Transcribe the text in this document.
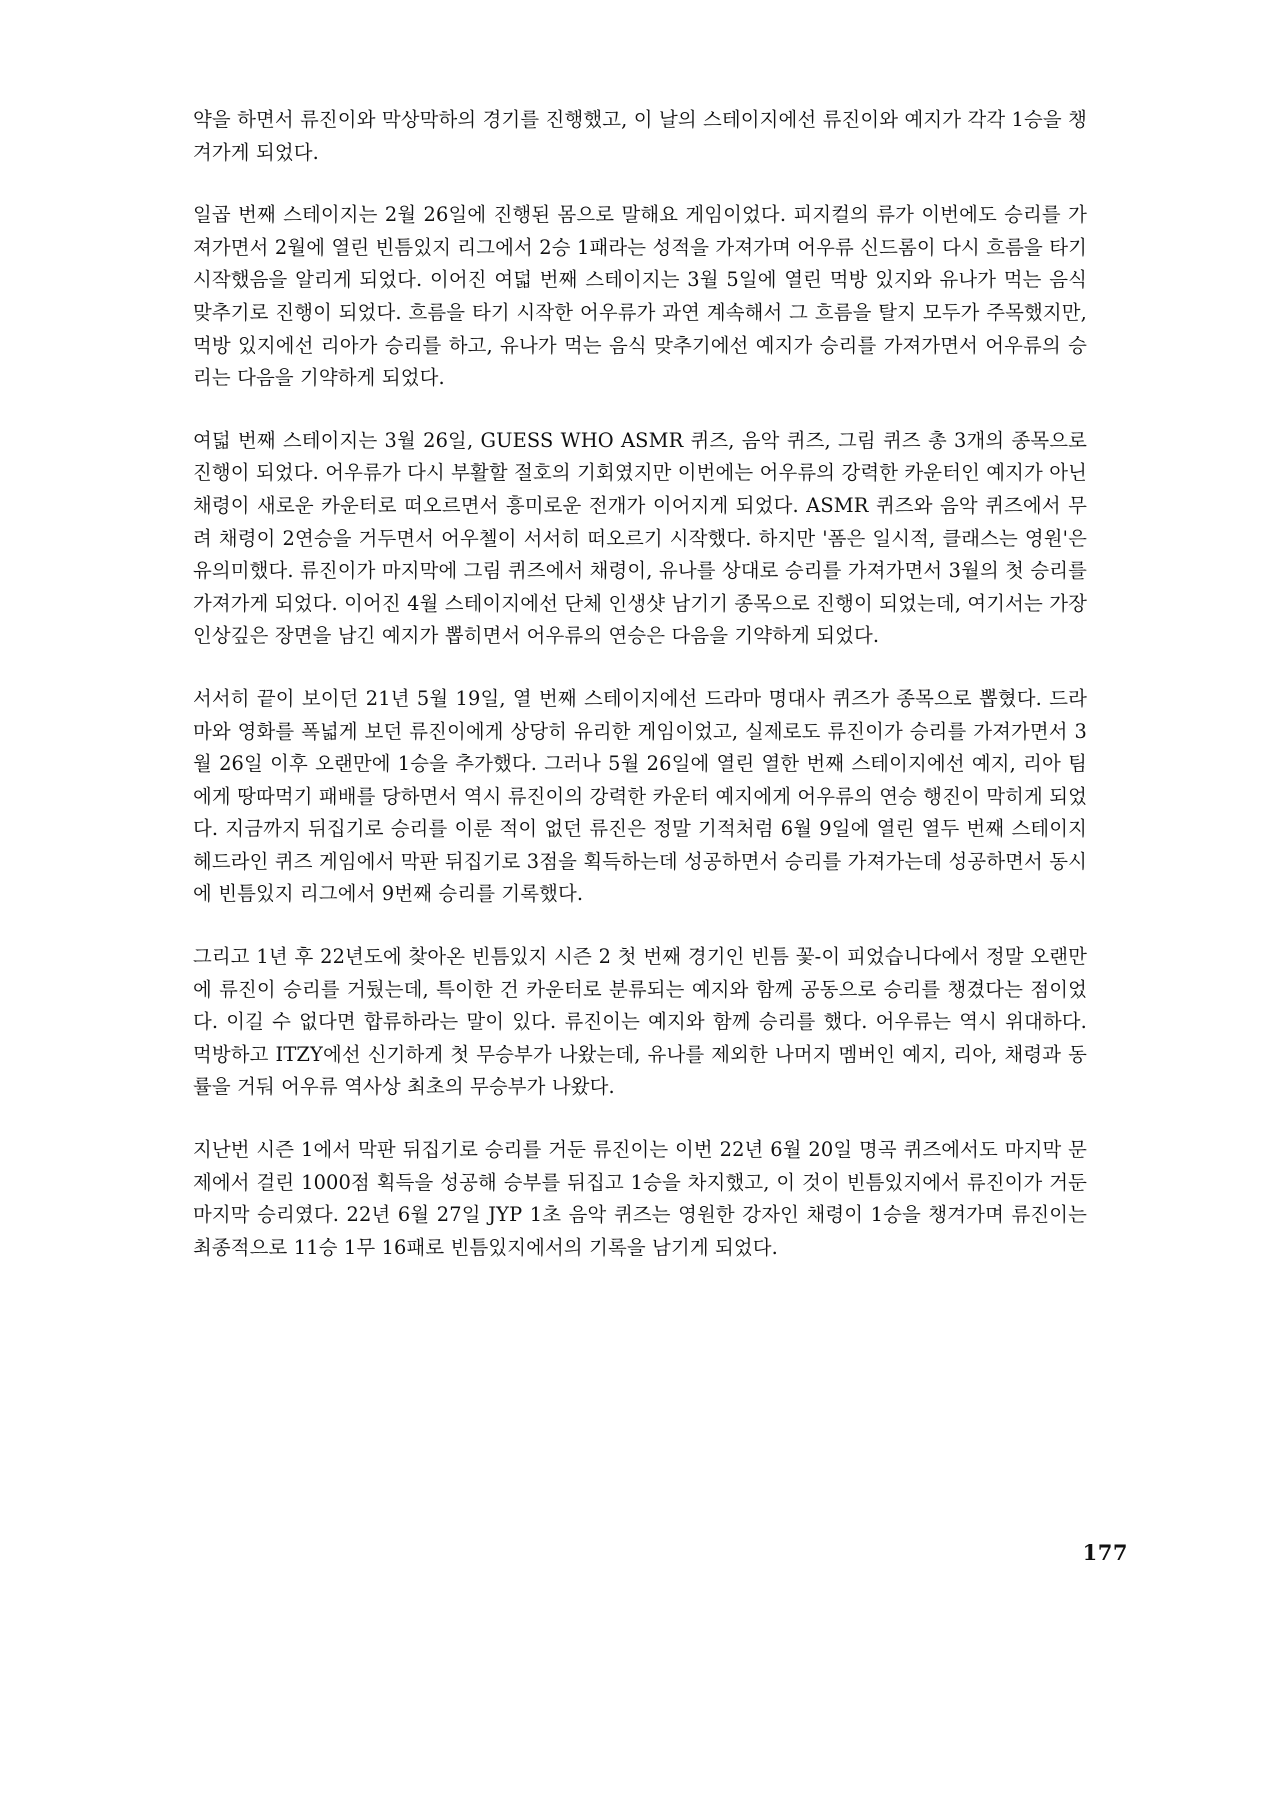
약을 하면서 류진이와 막상막하의 경기를 진행했고, 이 날의 스테이지에선 류진이와 예지가 각각 1승을 챙겨가게 되었다.

일곱 번째 스테이지는 2월 26일에 진행된 몸으로 말해요 게임이었다. 피지컬의 류가 이번에도 승리를 가져가면서 2월에 열린 빈틈있지 리그에서 2승 1패라는 성적을 가져가며 어우류 신드롬이 다시 흐름을 타기 시작했음을 알리게 되었다. 이어진 여덟 번째 스테이지는 3월 5일에 열린 먹방 있지와 유나가 먹는 음식 맞추기로 진행이 되었다. 흐름을 타기 시작한 어우류가 과연 계속해서 그 흐름을 탈지 모두가 주목했지만, 먹방 있지에선 리아가 승리를 하고, 유나가 먹는 음식 맞추기에선 예지가 승리를 가져가면서 어우류의 승리는 다음을 기약하게 되었다.

여덟 번째 스테이지는 3월 26일, GUESS WHO ASMR 퀴즈, 음악 퀴즈, 그림 퀴즈 총 3개의 종목으로 진행이 되었다. 어우류가 다시 부활할 절호의 기회였지만 이번에는 어우류의 강력한 카운터인 예지가 아닌 채령이 새로운 카운터로 떠오르면서 흥미로운 전개가 이어지게 되었다. ASMR 퀴즈와 음악 퀴즈에서 무려 채령이 2연승을 거두면서 어우첼이 서서히 떠오르기 시작했다. 하지만 '폼은 일시적, 클래스는 영원'은 유의미했다. 류진이가 마지막에 그림 퀴즈에서 채령이, 유나를 상대로 승리를 가져가면서 3월의 첫 승리를 가져가게 되었다. 이어진 4월 스테이지에선 단체 인생샷 남기기 종목으로 진행이 되었는데, 여기서는 가장 인상깊은 장면을 남긴 예지가 뽑히면서 어우류의 연승은 다음을 기약하게 되었다.

서서히 끝이 보이던 21년 5월 19일, 열 번째 스테이지에선 드라마 명대사 퀴즈가 종목으로 뽑혔다. 드라마와 영화를 폭넓게 보던 류진이에게 상당히 유리한 게임이었고, 실제로도 류진이가 승리를 가져가면서 3월 26일 이후 오랜만에 1승을 추가했다. 그러나 5월 26일에 열린 열한 번째 스테이지에선 예지, 리아 팀에게 땅따먹기 패배를 당하면서 역시 류진이의 강력한 카운터 예지에게 어우류의 연승 행진이 막히게 되었다. 지금까지 뒤집기로 승리를 이룬 적이 없던 류진은 정말 기적처럼 6월 9일에 열린 열두 번째 스테이지 헤드라인 퀴즈 게임에서 막판 뒤집기로 3점을 획득하는데 성공하면서 승리를 가져가는데 성공하면서 동시에 빈틈있지 리그에서 9번째 승리를 기록했다.

그리고 1년 후 22년도에 찾아온 빈틈있지 시즌 2 첫 번째 경기인 빈틈 꽃-이 피었습니다에서 정말 오랜만에 류진이 승리를 거뒀는데, 특이한 건 카운터로 분류되는 예지와 함께 공동으로 승리를 챙겼다는 점이었다. 이길 수 없다면 합류하라는 말이 있다. 류진이는 예지와 함께 승리를 했다. 어우류는 역시 위대하다. 먹방하고 ITZY에선 신기하게 첫 무승부가 나왔는데, 유나를 제외한 나머지 멤버인 예지, 리아, 채령과 동률을 거둬 어우류 역사상 최초의 무승부가 나왔다.

지난번 시즌 1에서 막판 뒤집기로 승리를 거둔 류진이는 이번 22년 6월 20일 명곡 퀴즈에서도 마지막 문제에서 걸린 1000점 획득을 성공해 승부를 뒤집고 1승을 차지했고, 이 것이 빈틈있지에서 류진이가 거둔 마지막 승리였다. 22년 6월 27일 JYP 1초 음악 퀴즈는 영원한 강자인 채령이 1승을 챙겨가며 류진이는 최종적으로 11승 1무 16패로 빈틈있지에서의 기록을 남기게 되었다.

177
